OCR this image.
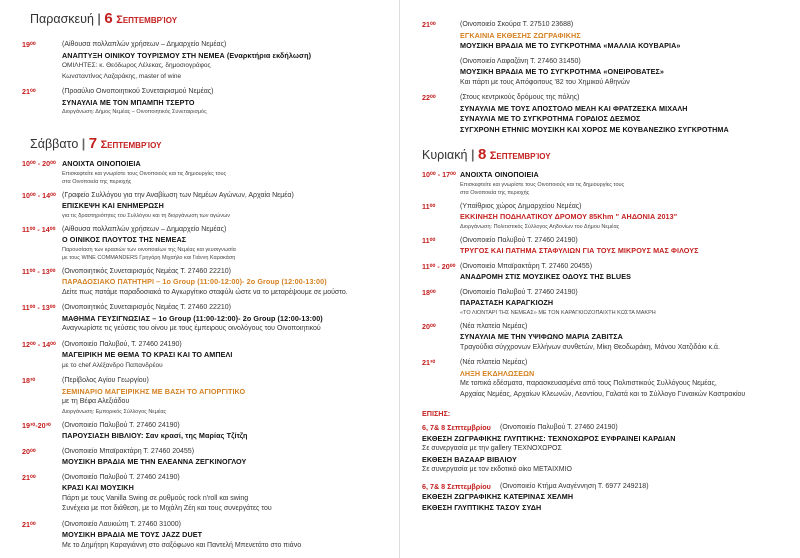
Παρασκευή | 6 Σεπτεμβρίου
19⁰⁰	(Αίθουσα πολλαπλών χρήσεων – Δημαρχείο Νεμέας)
ΑΝΑΠΤΥΞΗ ΟΙΝΙΚΟΥ ΤΟΥΡΙΣΜΟΥ ΣΤΗ ΝΕΜΕΑ (Εναρκτήρια εκδήλωση)
ΟΜΙΛΗΤΕΣ: κ. Θεόδωρος Λέλεκας, δημοσιογράφος
Κωνσταντίνος Λαζαράκης, master of wine
21⁰⁰	(Προαύλιο Οινοποιητικού Συνεταιρισμού Νεμέας)
ΣΥΝΑΥΛΙΑ ΜΕ ΤΟΝ ΜΠΑΜΠΗ ΤΣΕΡΤΟ
Διοργάνωση: Δήμος Νεμέας – Οινοποιητικός Συνεταιρισμός
Σάββατο | 7 Σεπτεμβρίου
10⁰⁰ - 20⁰⁰ ΑΝΟΙΧΤΑ ΟΙΝΟΠΟΙΕΙΑ
Επισκεφτείτε και γνωρίστε τους Οινοποιούς και τις δημιουργίες τους
στα Οινοποιεία της περιοχής
10⁰⁰ - 14⁰⁰ (Γραφείο Συλλόγου για την Αναβίωση των Νεμέων Αγώνων, Αρχαία Νεμέα)
ΕΠΙΣΚΕΨΗ ΚΑΙ ΕΝΗΜΕΡΩΣΗ
για τις δραστηριότητες του Συλλόγου και τη διοργάνωση των αγώνων
11⁰⁰ - 14⁰⁰ (Αίθουσα πολλαπλών χρήσεων – Δημαρχείο Νεμέας)
Ο ΟΙΝΙΚΟΣ ΠΛΟΥΤΟΣ ΤΗΣ ΝΕΜΕΑΣ
Παρουσίαση των κρασιών των οινοποιείων της Νεμέας και γευσιγνωσία
με τους WINE COMMANDERS Γρηγόρη Μιχαήλο και Γιάννη Καρακάση
11⁰⁰ - 13⁰⁰ (Οινοποιητικός Συνεταιρισμός Νεμέας Τ. 27460 22210)
ΠΑΡΑΔΟΣΙΑΚΟ ΠΑΤΗΤΗΡΙ – 1o Group (11:00-12:00)- 2o Group (12:00-13:00)
Δείτε πως πατάμε παραδοσιακά το Αγιωργίτικο σταφύλι ώστε να το μεταρέψουμε σε μούστο.
11⁰⁰ - 13⁰⁰ (Οινοποιητικός Συνεταιρισμός Νεμέας Τ. 27460 22210)
ΜΑΘΗΜΑ ΓΕΥΣΙΓΝΩΣΙΑΣ – 1o Group (11:00-12:00)- 2o Group (12:00-13:00)
Αναγνωρίστε τις γεύσεις του οίνου με τους έμπειρους οινολόγους του Οινοποιητικού
12⁰⁰ - 14⁰⁰ (Οινοποιείο Παλυβού, Τ. 27460 24190)
ΜΑΓΕΙΡΙΚΗ ΜΕ ΘΕΜΑ ΤΟ ΚΡΑΣΙ ΚΑΙ ΤΟ ΑΜΠΕΛΙ
με το chef Αλέξανδρο Παπανδρέου
18³⁰	(Περίβολος Αγίου Γεωργίου)
ΣΕΜΙΝΑΡΙΟ ΜΑΓΕΙΡΙΚΗΣ ΜΕ ΒΑΣΗ ΤΟ ΑΓΙΟΡΓΙΤΙΚΟ
με τη Βέφα Αλεξιάδου
Διοργάνωση: Εμπορικός Σύλλογος Νεμέας
19³⁰-20³⁰ (Οινοποιείο Παλυβού Τ. 27460 24190)
ΠΑΡΟΥΣΙΑΣΗ ΒΙΒΛΙΟΥ: Σαν κρασί, της Μαρίας Τζίτζη
20⁰⁰	(Οινοποιείο Μπαϊρακτάρη Τ. 27460 20455)
ΜΟΥΣΙΚΗ ΒΡΑΔΙΑ ΜΕ ΤΗΝ ΕΛΕΑΝΝΑ ΖΕΓΚΙΝΟΓΛΟΥ
21⁰⁰	(Οινοποιείο Παλυβού Τ. 27460 24190)
ΚΡΑΣΙ ΚΑΙ ΜΟΥΣΙΚΗ
Πάρτι με τους Vanilla Swing σε ρυθμούς rock n'roll και swing
Συνέχεια με ποτ διάθεση, με το Μιχάλη Ζέη και τους συνεργάτες του
21⁰⁰	(Οινοποιείο Λαυκιώτη Τ. 27460 31000)
ΜΟΥΣΙΚΗ ΒΡΑΔΙΑ ΜΕ ΤΟΥΣ JAZZ DUET
Με το Δημήτρη Καραγιάννη στο σαξόφωνο και Παντελή Μπενετάτο στο πιάνο
21⁰⁰	(Οινοποιείο Σκούρα Τ. 27510 23688)
ΕΓΚΑΙΝΙΑ ΕΚΘΕΣΗΣ ΖΩΓΡΑΦΙΚΗΣ
ΜΟΥΣΙΚΗ ΒΡΑΔΙΑ ΜΕ ΤΟ ΣΥΓΚΡΟΤΗΜΑ «ΜΑΛΛΙΑ ΚΟΥΒΑΡΙΑ»
(Οινοποιείο Λαφαζάνη Τ. 27460 31450)
ΜΟΥΣΙΚΗ ΒΡΑΔΙΑ ΜΕ ΤΟ ΣΥΓΚΡΟΤΗΜΑ «ΟΝΕΙΡΟΒΑΤΕΣ»
Και πάρτι με τους Απόφοιτους '82 του Χημικού Αθηνών
22⁰⁰	(Στους κεντρικούς δρόμους της πόλης)
ΣΥΝΑΥΛΙΑ ΜΕ ΤΟΥΣ ΑΠΟΣΤΟΛΟ ΜΕΛΗ ΚΑΙ ΦΡΑΤΖΕΣΚΑ ΜΙΧΑΛΗ
ΣΥΝΑΥΛΙΑ ΜΕ ΤΟ ΣΥΓΚΡΟΤΗΜΑ ΓΟΡΔΙΟΣ ΔΕΣΜΟΣ
ΣΥΓΧΡΟΝΗ ETHNIC ΜΟΥΣΙΚΗ ΚΑΙ ΧΟΡΟΣ ΜΕ ΚΟΥΒΑΝΕΖΙΚΟ ΣΥΓΚΡΟΤΗΜΑ
Κυριακή | 8 Σεπτεμβρίου
10⁰⁰ - 17⁰⁰ ΑΝΟΙΧΤΑ ΟΙΝΟΠΟΙΕΙΑ
Επισκεφτείτε και γνωρίστε τους Οινοποιούς και τις δημιουργίες τους
στα Οινοποιεία της περιοχής
11⁰⁰	(Υπαίθριος χώρος Δημαρχείου Νεμέας)
ΕΚΚΙΝΗΣΗ ΠΟΔΗΛΑΤΙΚΟΥ ΔΡΟΜΟΥ 85Khm " ΑΗΔΟΝΙΑ 2013"
Διοργάνωση: Πολιτιστικός Σύλλογος Αηδονίων του Δήμου Νεμέας
11⁰⁰	(Οινοποιείο Παλυβού Τ. 27460 24190)
ΤΡΥΓΟΣ ΚΑΙ ΠΑΤΗΜΑ ΣΤΑΦΥΛΙΩΝ ΓΙΑ ΤΟΥΣ ΜΙΚΡΟΥΣ ΜΑΣ ΦΙΛΟΥΣ
11⁰⁰ - 20⁰⁰ (Οινοποιείο Μπαϊρακτάρη Τ. 27460 20455)
ΑΝΑΔΡΟΜΗ ΣΤΙΣ ΜΟΥΣΙΚΕΣ ΟΔΟΥΣ ΤΗΣ BLUES
18⁰⁰	(Οινοποιείο Παλυβού Τ. 27460 24190)
ΠΑΡΑΣΤΑΣΗ ΚΑΡΑΓΚΙΟΖΗ
«ΤΟ ΛΙΟΝΤΑΡΙ ΤΗΣ ΝΕΜΕΑΣ» ΜΕ ΤΟΝ ΚΑΡΑΓΚΙΟΖΟΠΑΙΧΤΗ ΚΩΣΤΑ ΜΑΚΡΗ
20⁰⁰	(Νέα πλατεία Νεμέας)
ΣΥΝΑΥΛΙΑ ΜΕ ΤΗΝ ΥΨΙΦΩΝΟ ΜΑΡΙΑ ΖΑΒΙΤΣΑ
Τραγούδια σύγχρονων Ελλήνων συνθετών, Μίκη Θεοδωράκη, Μάνου Χατζιδάκι κ.ά.
21³⁰	(Νέα πλατεία Νεμέας)
ΛΗΞΗ ΕΚΔΗΛΩΣΕΩΝ
Με τοπικά εδέσματα, παρασκευασμένα από τους Πολιτιστικούς Συλλόγους Νεμέας,
Αρχαίας Νεμέας, Αρχαίων Κλεωνών, Λεοντίου, Γαλατά και το Σύλλογο Γυναικών Καστρακίου
ΕΠΙΣΗΣ:
6, 7& 8 Σεπτεμβρίου	(Οινοποιείο Παλυβού Τ. 27460 24190)
ΕΚΘΕΣΗ ΖΩΓΡΑΦΙΚΗΣ ΓΛΥΠΤΙΚΗΣ: ΤΕΧΝΟΧΩΡΟΣ ΕΥΦΡΑΙΝΕΙ ΚΑΡΔΙΑΝ
Σε συνεργασία με την gallery ΤΕΧΝΟΧΩΡΟΣ
ΕΚΘΕΣΗ ΒΑΖΑΑΡ ΒΙΒΛΙΟΥ
Σε συνεργασία με τον εκδοτικό οίκο ΜΕΤΑΙΧΜΙΟ
6, 7& 8 Σεπτεμβρίου	(Οινοποιείο Κτήμα Αναγέννηση Τ. 6977 249218)
ΕΚΘΕΣΗ ΖΩΓΡΑΦΙΚΗΣ ΚΑΤΕΡΙΝΑΣ ΧΕΛΜΗ
ΕΚΘΕΣΗ ΓΛΥΠΤΙΚΗΣ ΤΑΣΟΥ ΣΥΔΗ
